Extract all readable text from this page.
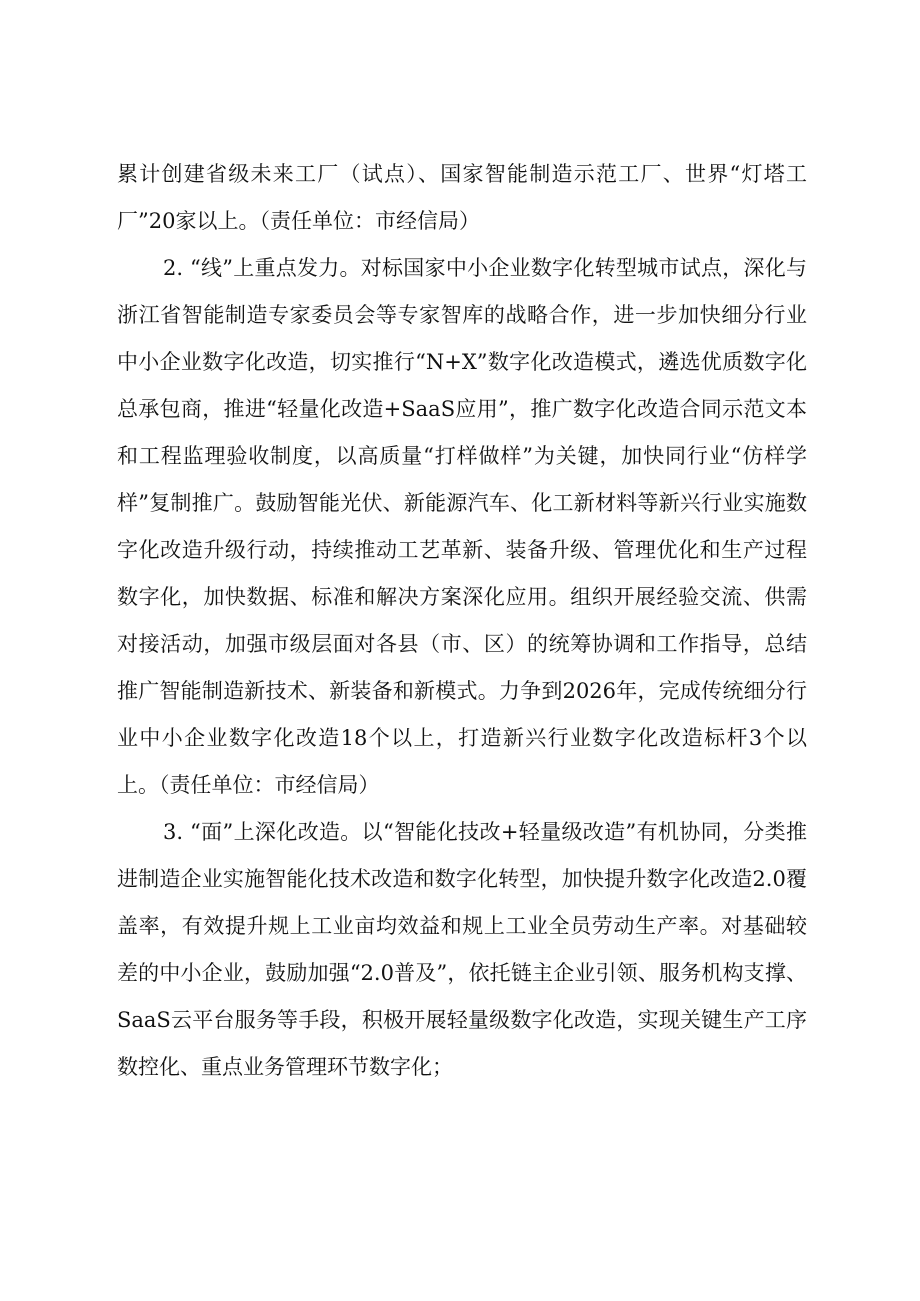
累计创建省级未来工厂（试点）、国家智能制造示范工厂、世界“灯塔工厂”20家以上。（责任单位：市经信局）

2. “线”上重点发力。对标国家中小企业数字化转型城市试点，深化与浙江省智能制造专家委员会等专家智库的战略合作，进一步加快细分行业中小企业数字化改造，切实推行“N+X”数字化改造模式，遴选优质数字化总承包商，推进“轻量化改造+SaaS应用”，推广数字化改造合同示范文本和工程监理验收制度，以高质量“打样做样”为关键，加快同行业“仿样学样”复制推广。鼓励智能光伏、新能源汽车、化工新材料等新兴行业实施数字化改造升级行动，持续推动工艺革新、装备升级、管理优化和生产过程数字化，加快数据、标准和解决方案深化应用。组织开展经验交流、供需对接活动，加强市级层面对各县（市、区）的统筹协调和工作指导，总结推广智能制造新技术、新装备和新模式。力争到2026年，完成传统细分行业中小企业数字化改造18个以上，打造新兴行业数字化改造标杆3个以上。（责任单位：市经信局）

3. “面”上深化改造。以“智能化技改+轻量级改造”有机协同，分类推进制造企业实施智能化技术改造和数字化转型，加快提升数字化改造2.0覆盖率，有效提升规上工业亩均效益和规上工业全员劳动生产率。对基础较差的中小企业，鼓励加强“2.0普及”，依托链主企业引领、服务机构支撑、SaaS云平台服务等手段，积极开展轻量级数字化改造，实现关键生产工序数控化、重点业务管理环节数字化；
